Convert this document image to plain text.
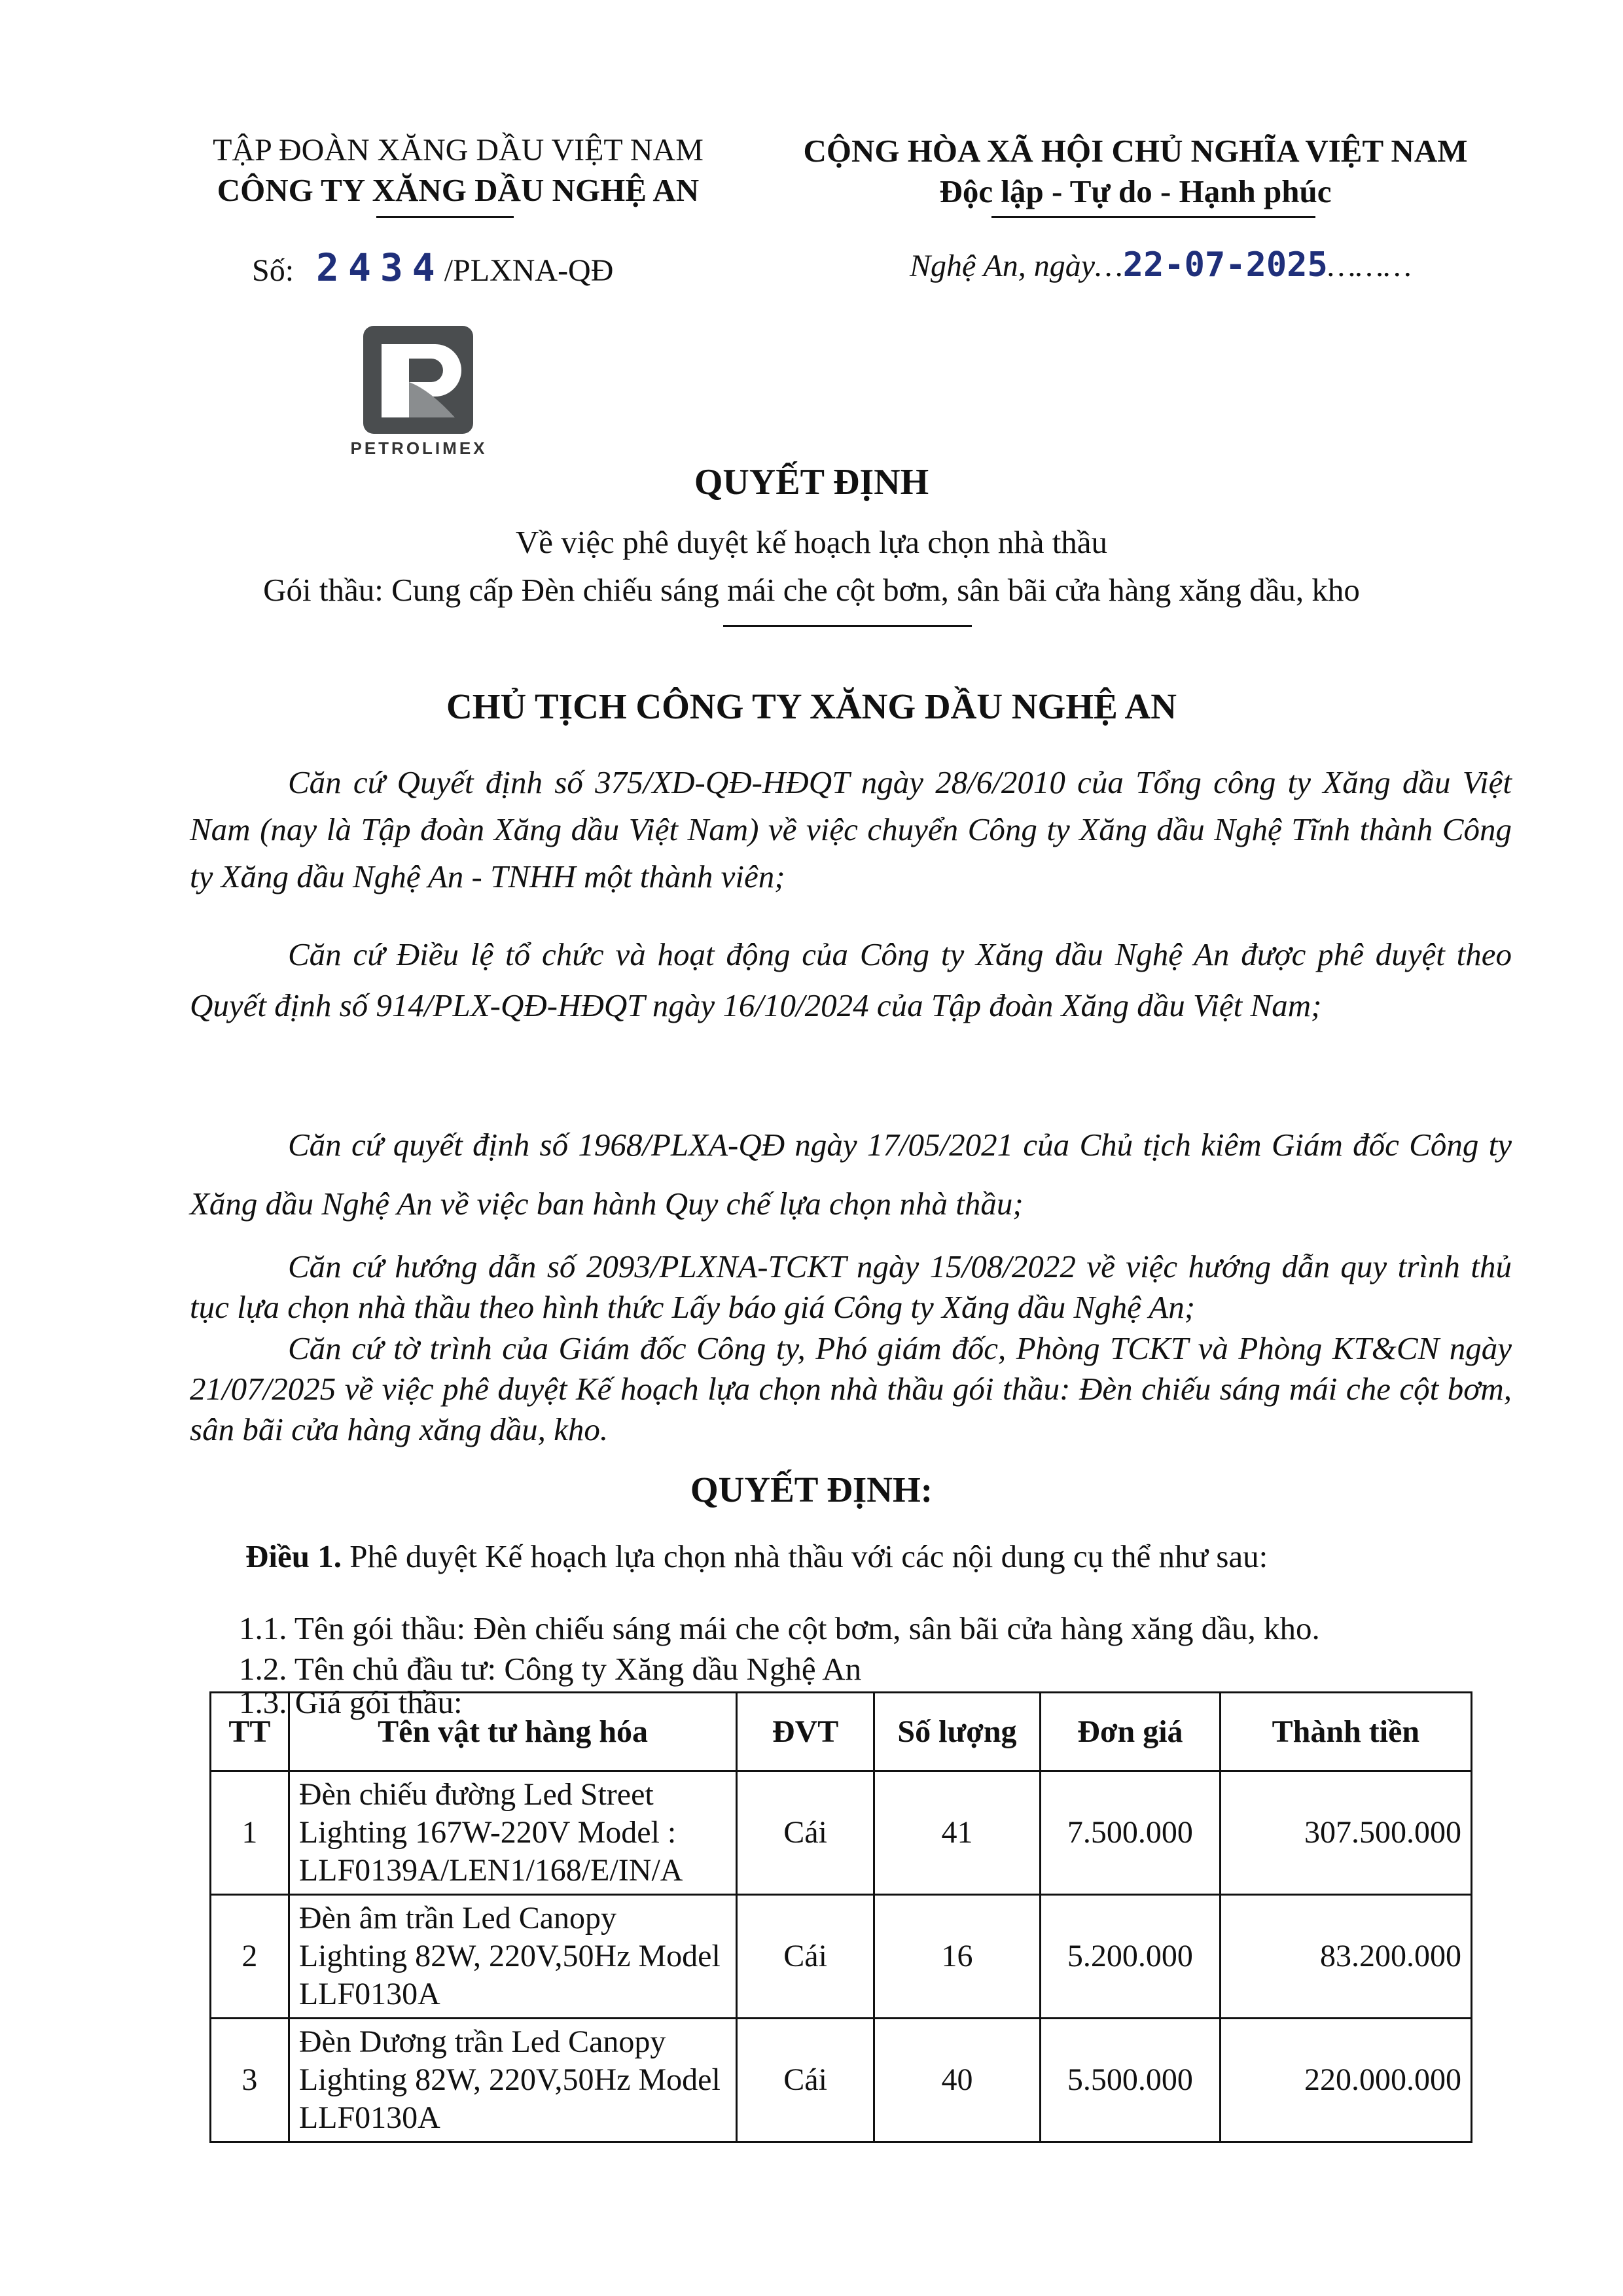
TẬP ĐOÀN XĂNG DẦU VIỆT NAM
CÔNG TY XĂNG DẦU NGHỆ AN
CỘNG HÒA XÃ HỘI CHỦ NGHĨA VIỆT NAM
Độc lập - Tự do - Hạnh phúc
Số: 2434/PLXNA-QĐ	Nghệ An, ngày…22-07-2025………
PETROLIMEX
QUYẾT ĐỊNH
Về việc phê duyệt kế hoạch lựa chọn nhà thầu
Gói thầu: Cung cấp Đèn chiếu sáng mái che cột bơm, sân bãi cửa hàng xăng dầu, kho
CHỦ TỊCH CÔNG TY XĂNG DẦU NGHỆ AN
Căn cứ Quyết định số 375/XD-QĐ-HĐQT ngày 28/6/2010 của Tổng công ty Xăng dầu Việt Nam (nay là Tập đoàn Xăng dầu Việt Nam) về việc chuyển Công ty Xăng dầu Nghệ Tĩnh thành Công ty Xăng dầu Nghệ An - TNHH một thành viên;
Căn cứ Điều lệ tổ chức và hoạt động của Công ty Xăng dầu Nghệ An được phê duyệt theo Quyết định số 914/PLX-QĐ-HĐQT ngày 16/10/2024 của Tập đoàn Xăng dầu Việt Nam;
Căn cứ quyết định số 1968/PLXA-QĐ ngày 17/05/2021 của Chủ tịch kiêm Giám đốc Công ty Xăng dầu Nghệ An về việc ban hành Quy chế lựa chọn nhà thầu;
Căn cứ hướng dẫn số 2093/PLXNA-TCKT ngày 15/08/2022 về việc hướng dẫn quy trình thủ tục lựa chọn nhà thầu theo hình thức Lấy báo giá Công ty Xăng dầu Nghệ An;
Căn cứ tờ trình của Giám đốc Công ty, Phó giám đốc, Phòng TCKT và Phòng KT&CN ngày 21/07/2025 về việc phê duyệt Kế hoạch lựa chọn nhà thầu gói thầu: Đèn chiếu sáng mái che cột bơm, sân bãi cửa hàng xăng dầu, kho.
QUYẾT ĐỊNH:
Điều 1. Phê duyệt Kế hoạch lựa chọn nhà thầu với các nội dung cụ thể như sau:
1.1. Tên gói thầu: Đèn chiếu sáng mái che cột bơm, sân bãi cửa hàng xăng dầu, kho.
1.2. Tên chủ đầu tư: Công ty Xăng dầu Nghệ An
1.3. Giá gói thầu:
TT	Tên vật tư hàng hóa	ĐVT	Số lượng	Đơn giá	Thành tiền
1	Đèn chiếu đường Led Street Lighting 167W-220V Model : LLF0139A/LEN1/168/E/IN/A	Cái	41	7.500.000	307.500.000
2	Đèn âm trần Led Canopy Lighting 82W, 220V,50Hz Model LLF0130A	Cái	16	5.200.000	83.200.000
3	Đèn Dương trần Led Canopy Lighting 82W, 220V,50Hz Model LLF0130A	Cái	40	5.500.000	220.000.000
